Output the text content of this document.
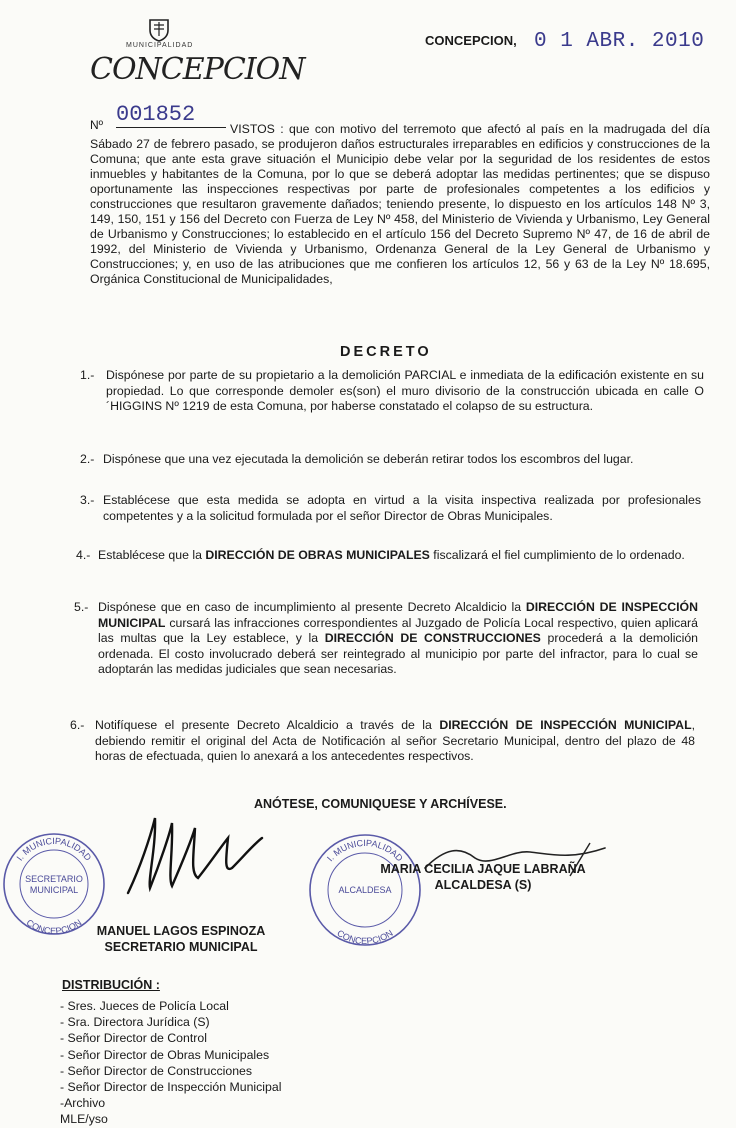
MUNICIPALIDAD
CONCEPCION
CONCEPCION, 0 1 ABR. 2010
Nº 001852
VISTOS : que con motivo del terremoto que afectó al país en la madrugada del día Sábado 27 de febrero pasado, se produjeron daños estructurales irreparables en edificios y construcciones de la Comuna; que ante esta grave situación el Municipio debe velar por la seguridad de los residentes de estos inmuebles y habitantes de la Comuna, por lo que se deberá adoptar las medidas pertinentes; que se dispuso oportunamente las inspecciones respectivas por parte de profesionales competentes a los edificios y construcciones que resultaron gravemente dañados; teniendo presente, lo dispuesto en los artículos 148 Nº 3, 149, 150, 151 y 156 del Decreto con Fuerza de Ley Nº 458, del Ministerio de Vivienda y Urbanismo, Ley General de Urbanismo y Construcciones; lo establecido en el artículo 156 del Decreto Supremo Nº 47, de 16 de abril de 1992, del Ministerio de Vivienda y Urbanismo, Ordenanza General de la Ley General de Urbanismo y Construcciones; y, en uso de las atribuciones que me confieren los artículos 12, 56 y 63 de la Ley Nº 18.695, Orgánica Constitucional de Municipalidades,
DECRETO
1.- Dispónese por parte de su propietario a la demolición PARCIAL e inmediata de la edificación existente en su propiedad. Lo que corresponde demoler es(son) el muro divisorio de la construcción ubicada en calle O´HIGGINS Nº 1219 de esta Comuna, por haberse constatado el colapso de su estructura.
2.- Dispónese que una vez ejecutada la demolición se deberán retirar todos los escombros del lugar.
3.- Establécese que esta medida se adopta en virtud a la visita inspectiva realizada por profesionales competentes y a la solicitud formulada por el señor Director de Obras Municipales.
4.- Establécese que la DIRECCIÓN DE OBRAS MUNICIPALES fiscalizará el fiel cumplimiento de lo ordenado.
5.- Dispónese que en caso de incumplimiento al presente Decreto Alcaldicio la DIRECCIÓN DE INSPECCIÓN MUNICIPAL cursará las infracciones correspondientes al Juzgado de Policía Local respectivo, quien aplicará las multas que la Ley establece, y la DIRECCIÓN DE CONSTRUCCIONES procederá a la demolición ordenada. El costo involucrado deberá ser reintegrado al municipio por parte del infractor, para lo cual se adoptarán las medidas judiciales que sean necesarias.
6.- Notifíquese el presente Decreto Alcaldicio a través de la DIRECCIÓN DE INSPECCIÓN MUNICIPAL, debiendo remitir el original del Acta de Notificación al señor Secretario Municipal, dentro del plazo de 48 horas de efectuada, quien lo anexará a los antecedentes respectivos.
ANÓTESE, COMUNIQUESE Y ARCHÍVESE.
I. MUNICIPALIDAD
SECRETARIO
MUNICIPAL
CONCEPCION
MANUEL LAGOS ESPINOZA
SECRETARIO MUNICIPAL
I. MUNICIPALIDAD
ALCALDESA
CONCEPCION
MARIA CECILIA JAQUE LABRAÑA
ALCALDESA (S)
DISTRIBUCIÓN :
- Sres. Jueces de Policía Local
- Sra. Directora Jurídica (S)
- Señor Director de Control
- Señor Director de Obras Municipales
- Señor Director de Construcciones
- Señor Director de Inspección Municipal
-Archivo
MLE/yso
